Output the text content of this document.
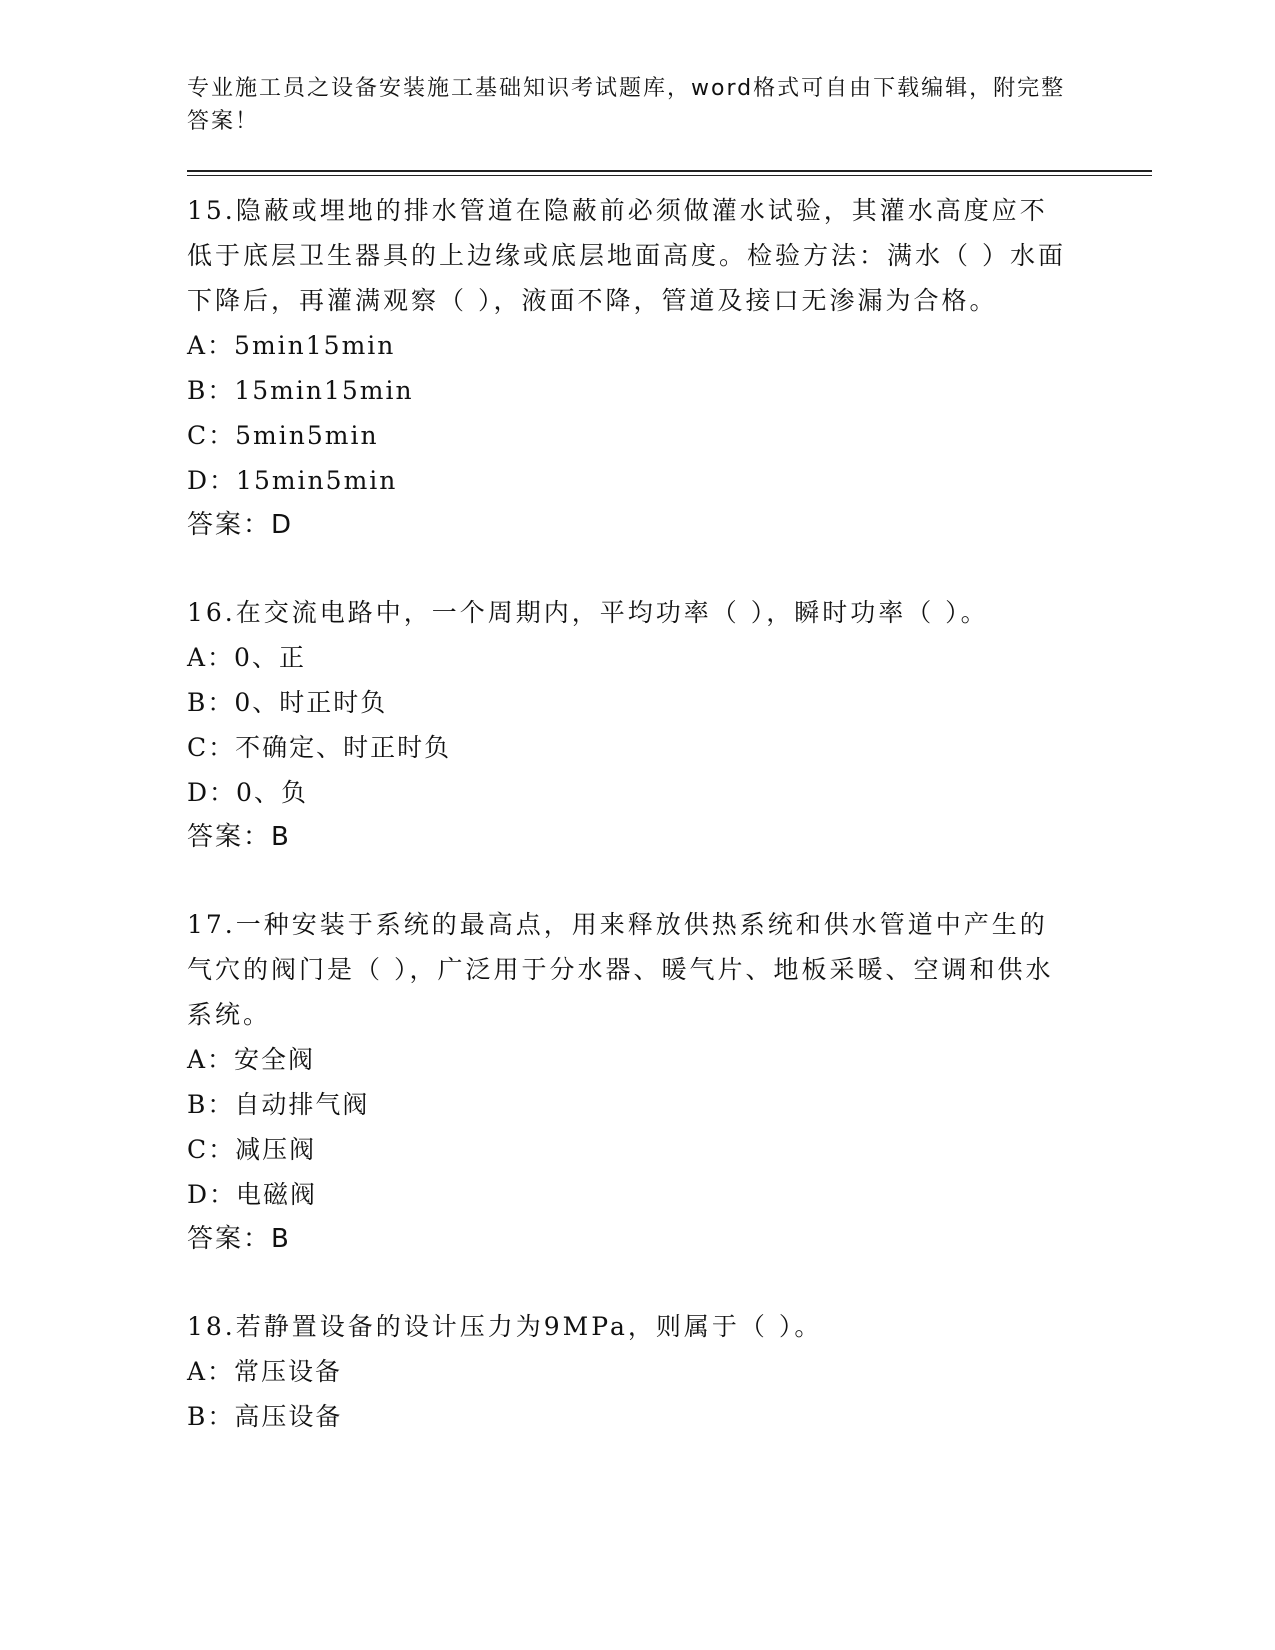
专业施工员之设备安装施工基础知识考试题库，word格式可自由下载编辑，附完整答案！

15.隐蔽或埋地的排水管道在隐蔽前必须做灌水试验，其灌水高度应不低于底层卫生器具的上边缘或底层地面高度。检验方法：满水（ ）水面下降后，再灌满观察（ ），液面不降，管道及接口无渗漏为合格。

A：5min15min

B：15min15min

C：5min5min

D：15min5min

答案：D

16.在交流电路中，一个周期内，平均功率（ ），瞬时功率（ ）。

A：0、正

B：0、时正时负

C：不确定、时正时负

D：0、负

答案：B

17.一种安装于系统的最高点，用来释放供热系统和供水管道中产生的气穴的阀门是（ ），广泛用于分水器、暖气片、地板采暖、空调和供水系统。

A：安全阀

B：自动排气阀

C：减压阀

D：电磁阀

答案：B

18.若静置设备的设计压力为9MPa，则属于（ ）。

A：常压设备

B：高压设备
